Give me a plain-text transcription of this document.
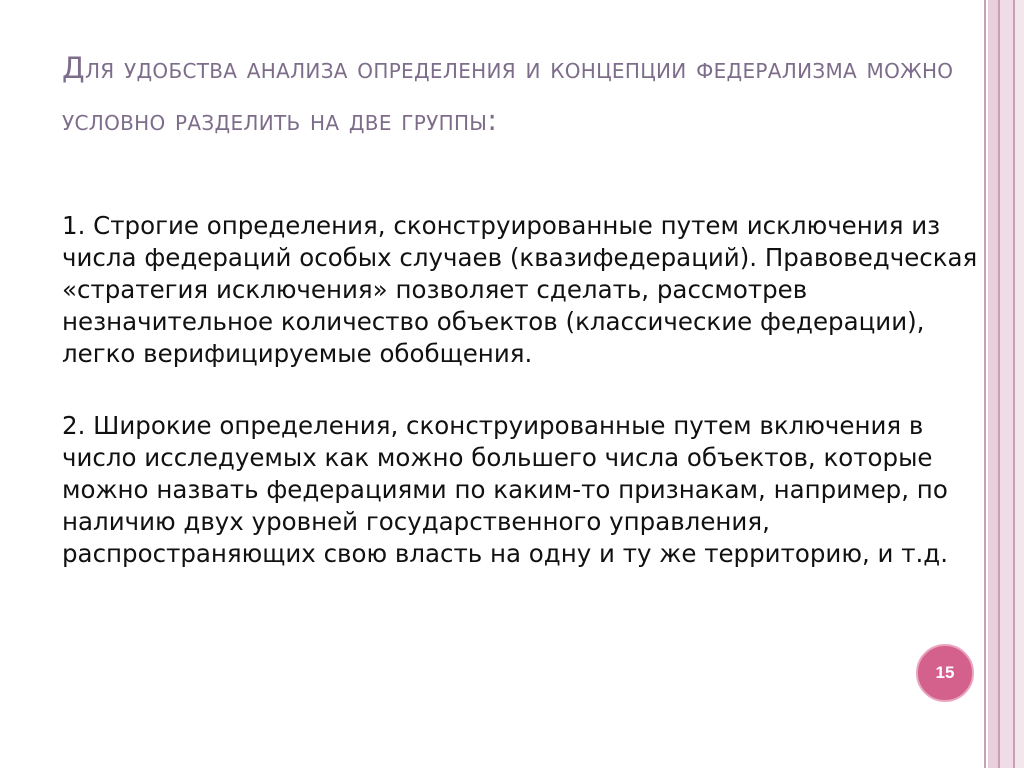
Для удобства анализа определения и концепции федерализма можно условно разделить на две группы:

1. Строгие определения, сконструированные путем исключения из числа федераций особых случаев (квазифедераций). Правоведческая «стратегия исключения» позволяет сделать, рассмотрев незначительное количество объектов (классические федерации), легко верифицируемые обобщения.

2. Широкие определения, сконструированные путем включения в число исследуемых как можно большего числа объектов, которые можно назвать федерациями по каким-то признакам, например, по наличию двух уровней государственного управления, распространяющих свою власть на одну и ту же территорию, и т.д.

15
